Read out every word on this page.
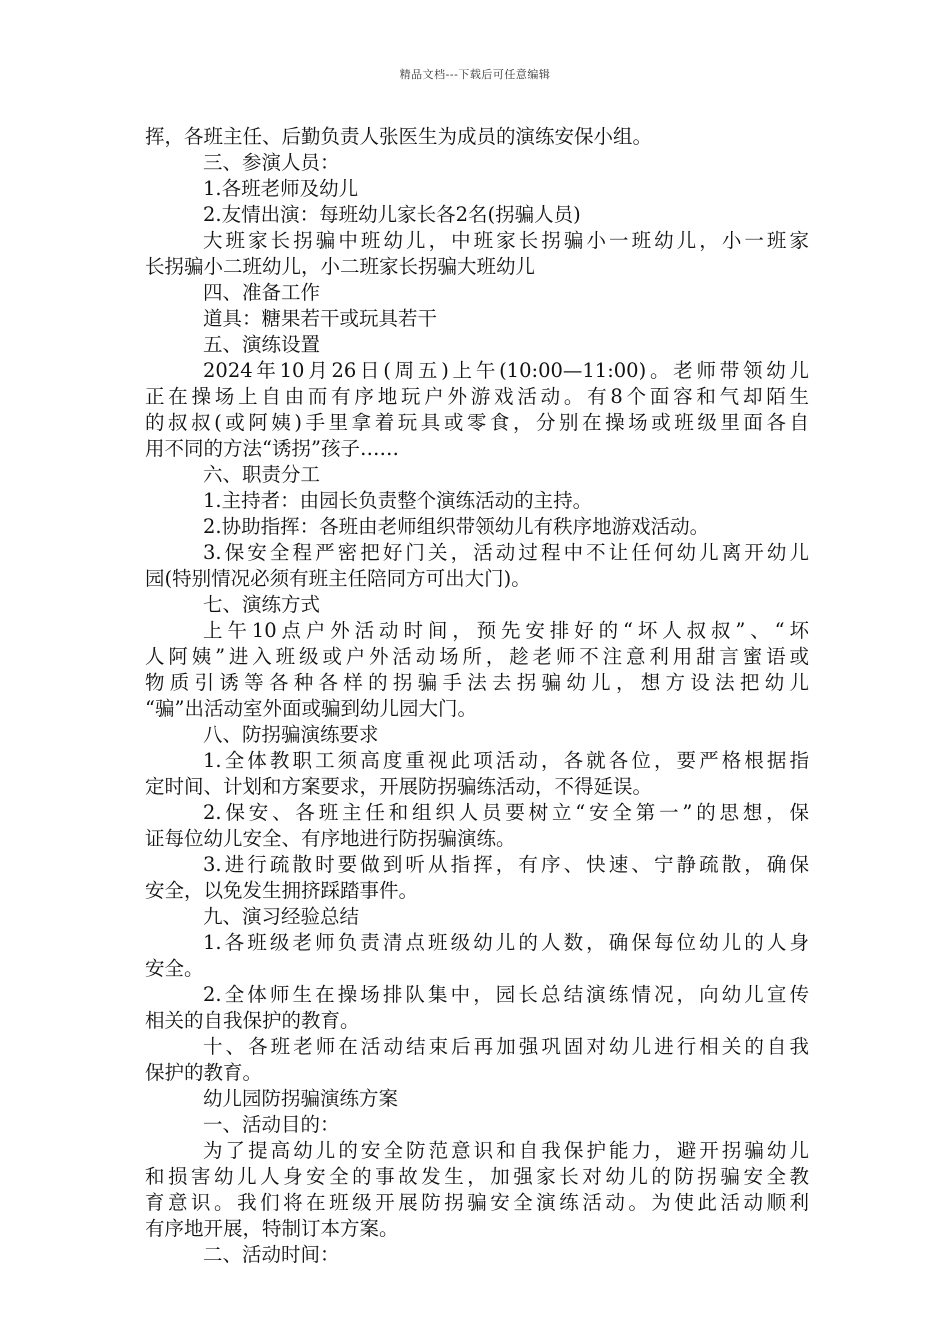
精品文档---下载后可任意编辑
挥，各班主任、后勤负责人张医生为成员的演练安保小组。
三、参演人员：
1.各班老师及幼儿
2.友情出演：每班幼儿家长各2名(拐骗人员)
大班家长拐骗中班幼儿，中班家长拐骗小一班幼儿，小一班家
长拐骗小二班幼儿，小二班家长拐骗大班幼儿
四、准备工作
道具：糖果若干或玩具若干
五、演练设置
2024年10月26日(周五)上午(10:00—11:00)。老师带领幼儿
正在操场上自由而有序地玩户外游戏活动。有8个面容和气却陌生
的叔叔(或阿姨)手里拿着玩具或零食，分别在操场或班级里面各自
用不同的方法“诱拐”孩子……
六、职责分工
1.主持者：由园长负责整个演练活动的主持。
2.协助指挥：各班由老师组织带领幼儿有秩序地游戏活动。
3.保安全程严密把好门关，活动过程中不让任何幼儿离开幼儿
园(特别情况必须有班主任陪同方可出大门)。
七、演练方式
上午10点户外活动时间，预先安排好的“坏人叔叔”、“坏
人阿姨”进入班级或户外活动场所，趁老师不注意利用甜言蜜语或
物质引诱等各种各样的拐骗手法去拐骗幼儿，想方设法把幼儿
“骗”出活动室外面或骗到幼儿园大门。
八、防拐骗演练要求
1.全体教职工须高度重视此项活动，各就各位，要严格根据指
定时间、计划和方案要求，开展防拐骗练活动，不得延误。
2.保安、各班主任和组织人员要树立“安全第一”的思想，保
证每位幼儿安全、有序地进行防拐骗演练。
3.进行疏散时要做到听从指挥，有序、快速、宁静疏散，确保
安全，以免发生拥挤踩踏事件。
九、演习经验总结
1.各班级老师负责清点班级幼儿的人数，确保每位幼儿的人身
安全。
2.全体师生在操场排队集中，园长总结演练情况，向幼儿宣传
相关的自我保护的教育。
十、各班老师在活动结束后再加强巩固对幼儿进行相关的自我
保护的教育。
幼儿园防拐骗演练方案
一、活动目的：
为了提高幼儿的安全防范意识和自我保护能力，避开拐骗幼儿
和损害幼儿人身安全的事故发生，加强家长对幼儿的防拐骗安全教
育意识。我们将在班级开展防拐骗安全演练活动。为使此活动顺利
有序地开展，特制订本方案。
二、活动时间：
